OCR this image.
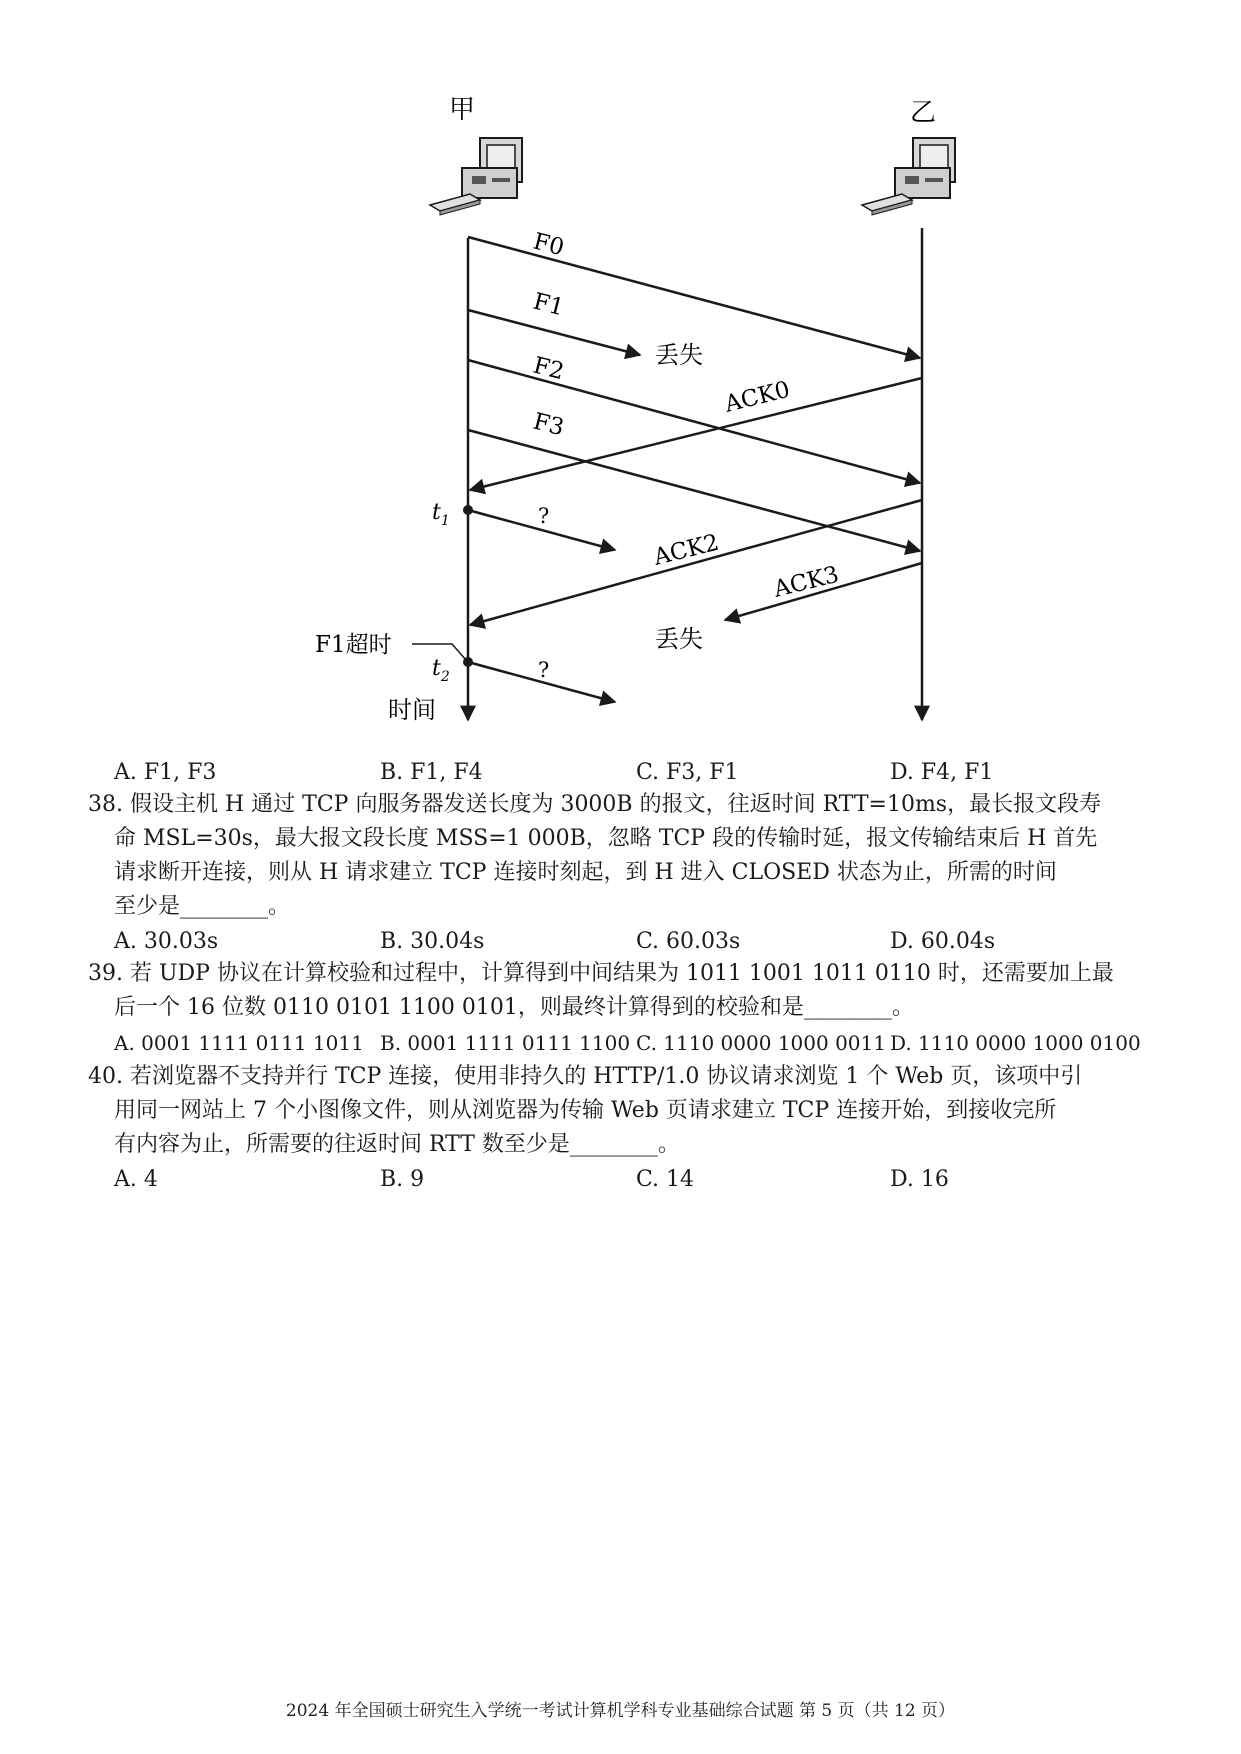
甲	乙
F0
F1
F2
F3
丢失
丢失
ACK0
ACK2
ACK3
?
?
$t_1$
$t_2$
F1超时
时间
A. F1, F3	B. F1, F4	C. F3, F1	D. F4, F1
38. 假设主机 H 通过 TCP 向服务器发送长度为 3000B 的报文，往返时间 RTT=10ms，最长报文段寿
命 MSL=30s，最大报文段长度 MSS=1 000B，忽略 TCP 段的传输时延，报文传输结束后 H 首先
请求断开连接，则从 H 请求建立 TCP 连接时刻起，到 H 进入 CLOSED 状态为止，所需的时间
至少是________。
A. 30.03s	B. 30.04s	C. 60.03s	D. 60.04s
39. 若 UDP 协议在计算校验和过程中，计算得到中间结果为 1011 1001 1011 0110 时，还需要加上最
后一个 16 位数 0110 0101 1100 0101，则最终计算得到的校验和是________。
A. 0001 1111 0111 1011 B. 0001 1111 0111 1100 C. 1110 0000 1000 0011 D. 1110 0000 1000 0100
40. 若浏览器不支持并行 TCP 连接，使用非持久的 HTTP/1.0 协议请求浏览 1 个 Web 页，该项中引
用同一网站上 7 个小图像文件，则从浏览器为传输 Web 页请求建立 TCP 连接开始，到接收完所
有内容为止，所需要的往返时间 RTT 数至少是________。
A. 4	B. 9	C. 14	D. 16
2024 年全国硕士研究生入学统一考试计算机学科专业基础综合试题 第 5 页（共 12 页）
